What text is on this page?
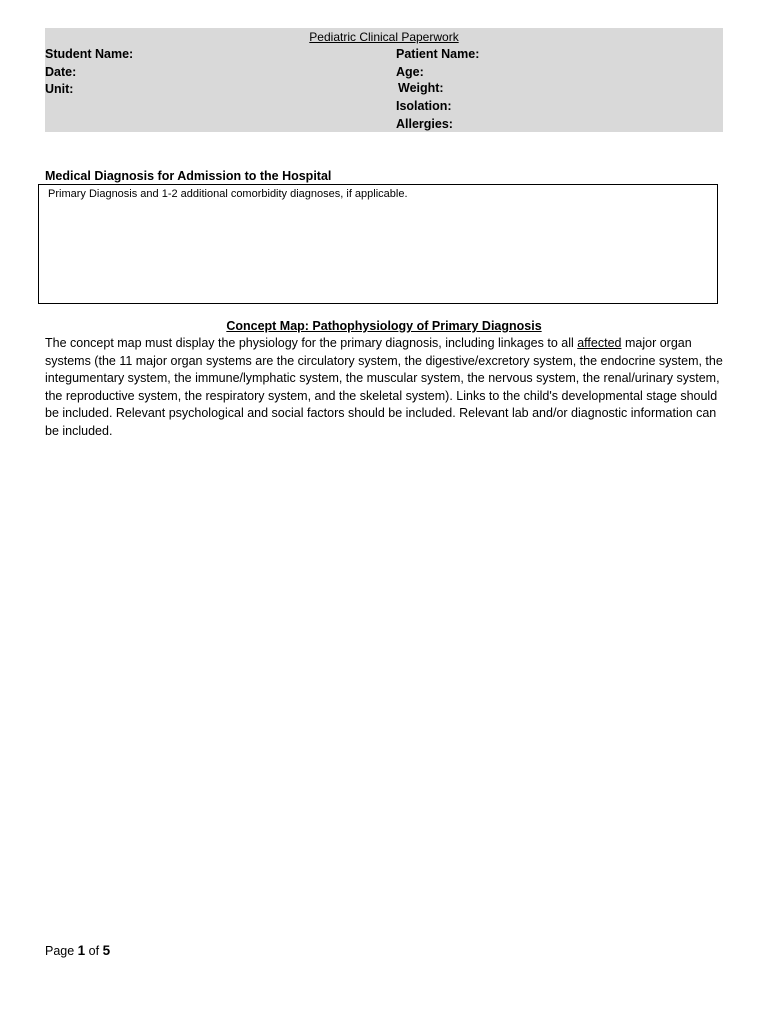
Pediatric Clinical Paperwork
Student Name:
Date:
Unit:
Patient Name:
Age:
Weight:
Isolation:
Allergies:
Medical Diagnosis for Admission to the Hospital
Primary Diagnosis and 1-2 additional comorbidity diagnoses, if applicable.
Concept Map: Pathophysiology of Primary Diagnosis
The concept map must display the physiology for the primary diagnosis, including linkages to all affected major organ systems (the 11 major organ systems are the circulatory system, the digestive/excretory system, the endocrine system, the integumentary system, the immune/lymphatic system, the muscular system, the nervous system, the renal/urinary system, the reproductive system, the respiratory system, and the skeletal system). Links to the child's developmental stage should be included. Relevant psychological and social factors should be included. Relevant lab and/or diagnostic information can be included.
Page 1 of 5
